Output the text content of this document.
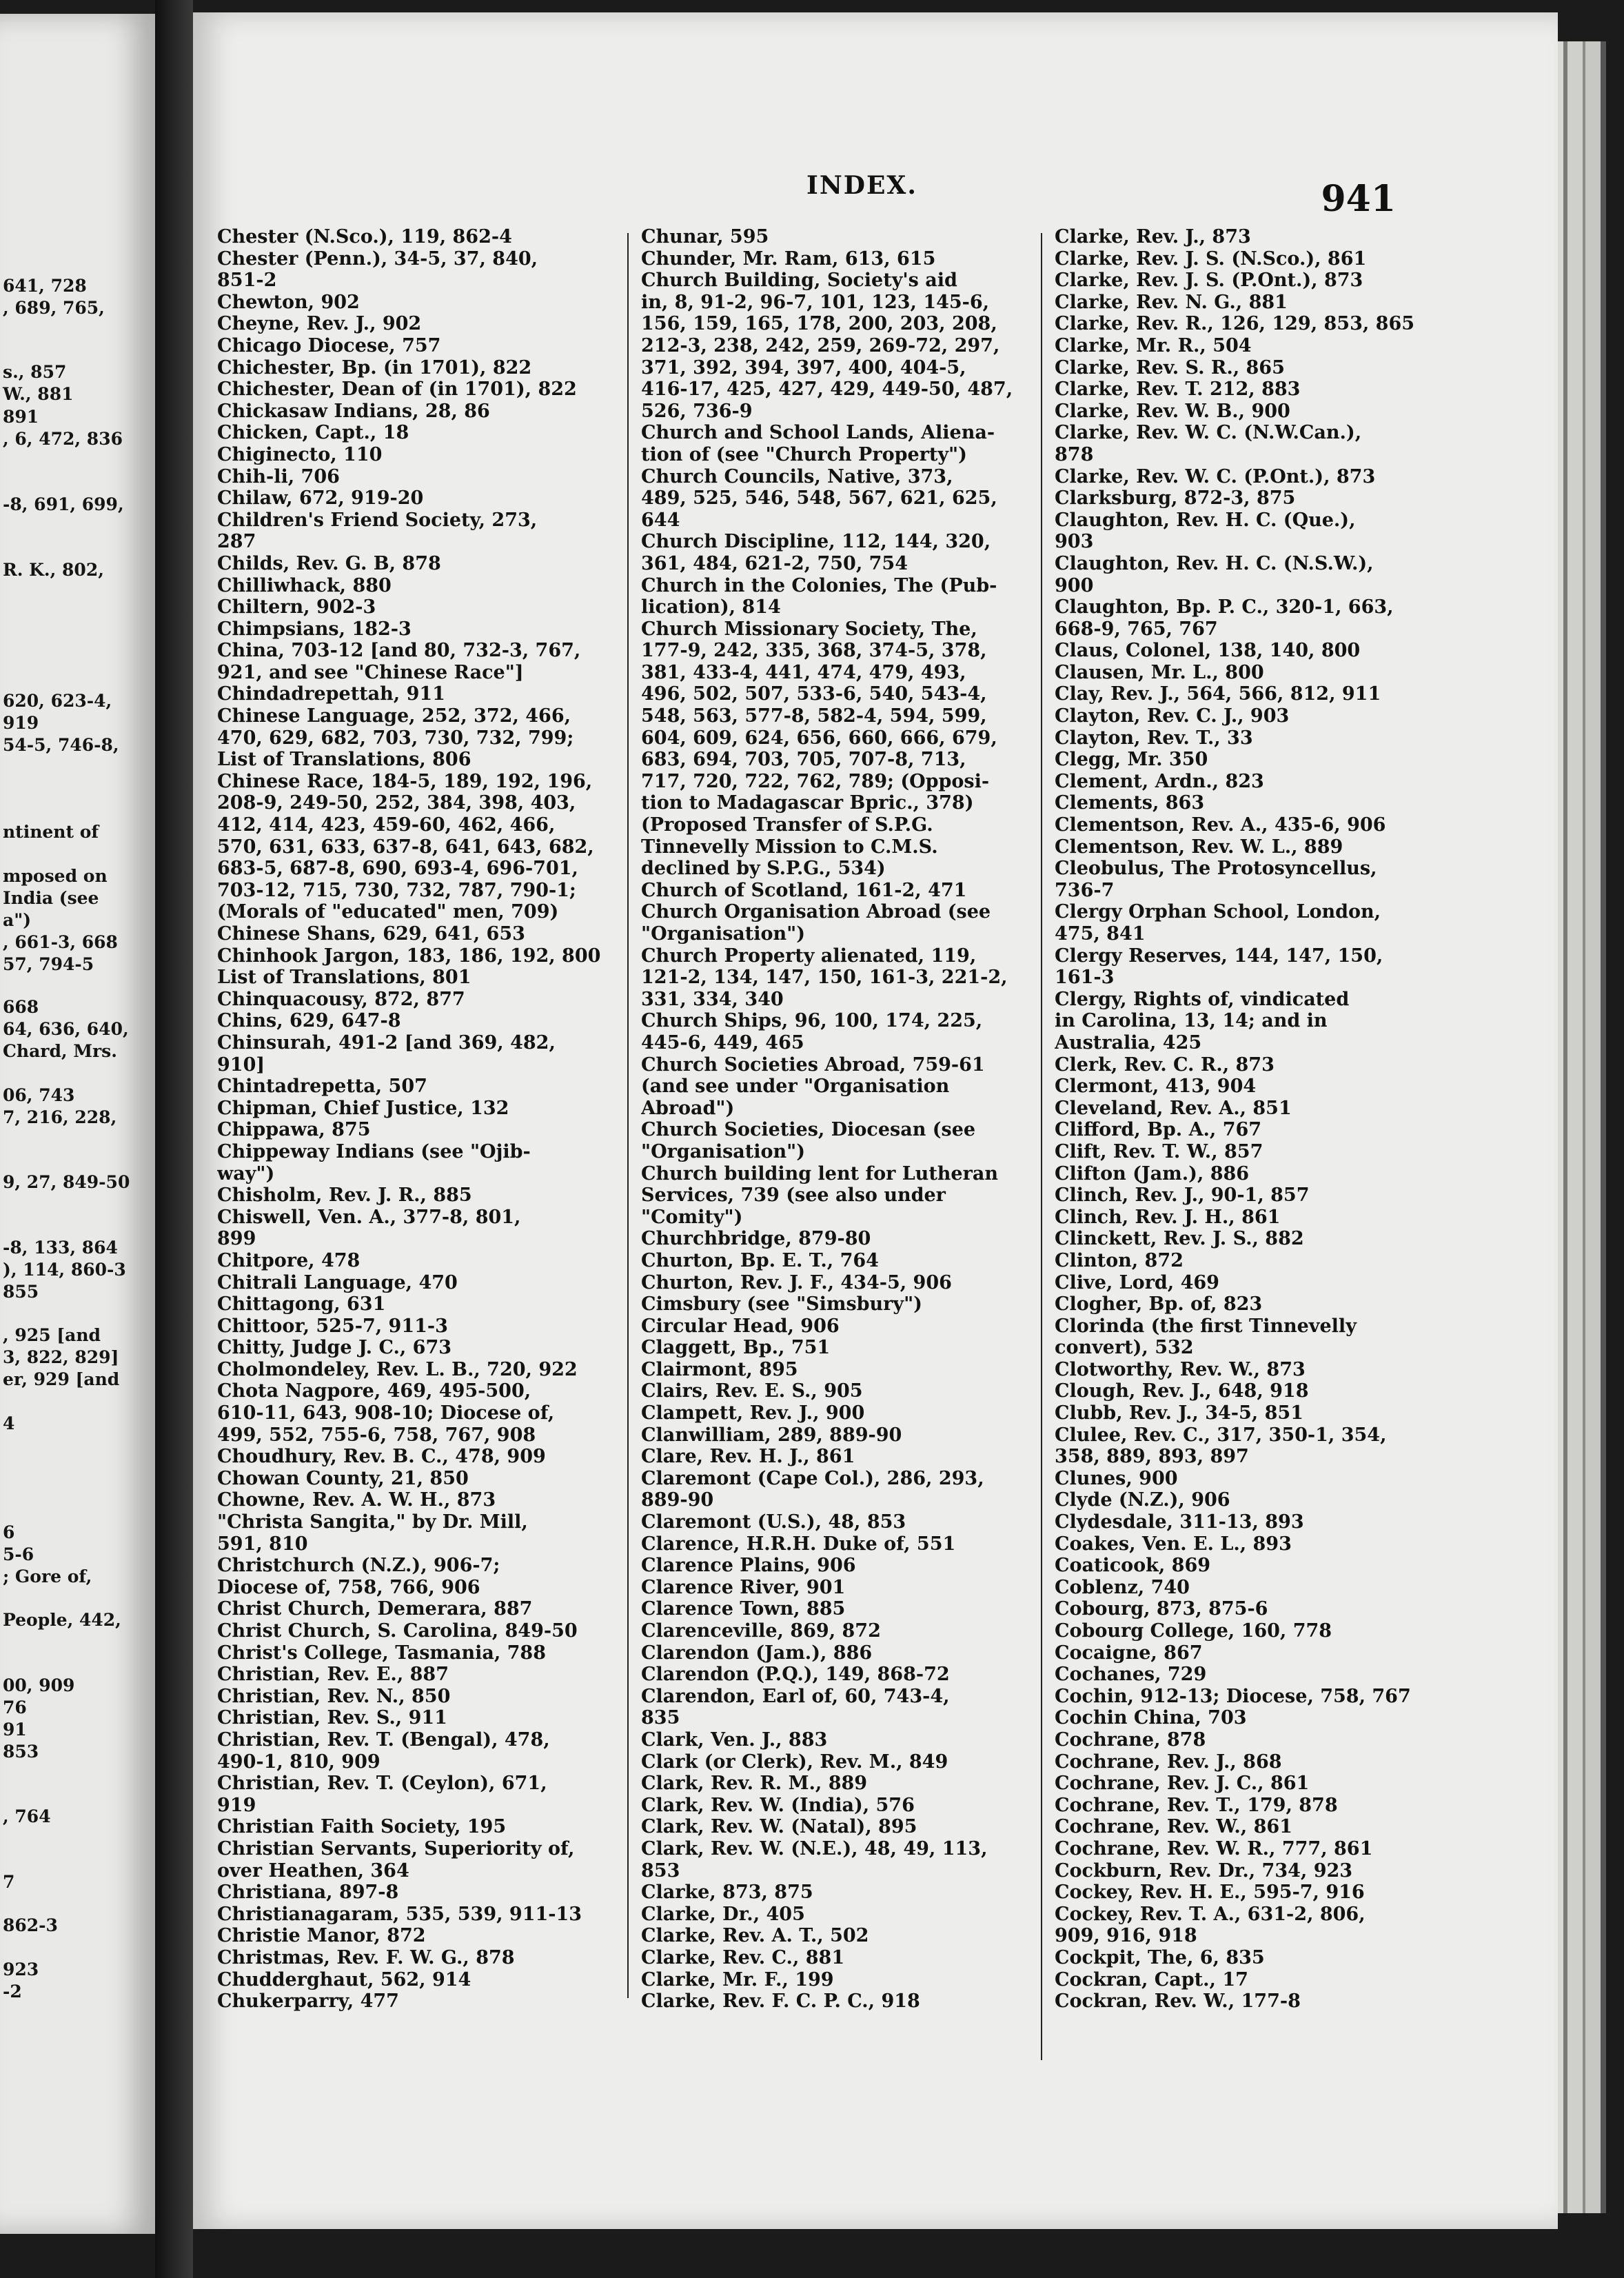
641, 728
, 689, 765,
s., 857
W., 881
891
, 6, 472, 836
-8, 691, 699,
R. K., 802,
620, 623-4,
919
54-5, 746-8,
ntinent of
mposed on
India (see
a")
, 661-3, 668
57, 794-5
668
64, 636, 640,
Chard, Mrs.
06, 743
7, 216, 228,
9, 27, 849-50
-8, 133, 864
), 114, 860-3
855
, 925 [and
3, 822, 829]
er, 929 [and
4
6
5-6
; Gore of,
People, 442,
00, 909
76
91
853
, 764
7
862-3
923
-2
INDEX.	941
Chester (N.Sco.), 119, 862-4
Chester (Penn.), 34-5, 37, 840,
851-2
Chewton, 902
Cheyne, Rev. J., 902
Chicago Diocese, 757
Chichester, Bp. (in 1701), 822
Chichester, Dean of (in 1701), 822
Chickasaw Indians, 28, 86
Chicken, Capt., 18
Chiginecto, 110
Chih-li, 706
Chilaw, 672, 919-20
Children's Friend Society, 273,
287
Childs, Rev. G. B, 878
Chilliwhack, 880
Chiltern, 902-3
Chimpsians, 182-3
China, 703-12 [and 80, 732-3, 767,
921, and see "Chinese Race"]
Chindadrepettah, 911
Chinese Language, 252, 372, 466,
470, 629, 682, 703, 730, 732, 799;
List of Translations, 806
Chinese Race, 184-5, 189, 192, 196,
208-9, 249-50, 252, 384, 398, 403,
412, 414, 423, 459-60, 462, 466,
570, 631, 633, 637-8, 641, 643, 682,
683-5, 687-8, 690, 693-4, 696-701,
703-12, 715, 730, 732, 787, 790-1;
(Morals of "educated" men, 709)
Chinese Shans, 629, 641, 653
Chinhook Jargon, 183, 186, 192, 800
List of Translations, 801
Chinquacousy, 872, 877
Chins, 629, 647-8
Chinsurah, 491-2 [and 369, 482,
910]
Chintadrepetta, 507
Chipman, Chief Justice, 132
Chippawa, 875
Chippeway Indians (see "Ojib-
way")
Chisholm, Rev. J. R., 885
Chiswell, Ven. A., 377-8, 801,
899
Chitpore, 478
Chitrali Language, 470
Chittagong, 631
Chittoor, 525-7, 911-3
Chitty, Judge J. C., 673
Cholmondeley, Rev. L. B., 720, 922
Chota Nagpore, 469, 495-500,
610-11, 643, 908-10; Diocese of,
499, 552, 755-6, 758, 767, 908
Choudhury, Rev. B. C., 478, 909
Chowan County, 21, 850
Chowne, Rev. A. W. H., 873
"Christa Sangita," by Dr. Mill,
591, 810
Christchurch (N.Z.), 906-7;
Diocese of, 758, 766, 906
Christ Church, Demerara, 887
Christ Church, S. Carolina, 849-50
Christ's College, Tasmania, 788
Christian, Rev. E., 887
Christian, Rev. N., 850
Christian, Rev. S., 911
Christian, Rev. T. (Bengal), 478,
490-1, 810, 909
Christian, Rev. T. (Ceylon), 671,
919
Christian Faith Society, 195
Christian Servants, Superiority of,
over Heathen, 364
Christiana, 897-8
Christianagaram, 535, 539, 911-13
Christie Manor, 872
Christmas, Rev. F. W. G., 878
Chudderghaut, 562, 914
Chukerparry, 477
Chunar, 595
Chunder, Mr. Ram, 613, 615
Church Building, Society's aid
in, 8, 91-2, 96-7, 101, 123, 145-6,
156, 159, 165, 178, 200, 203, 208,
212-3, 238, 242, 259, 269-72, 297,
371, 392, 394, 397, 400, 404-5,
416-17, 425, 427, 429, 449-50, 487,
526, 736-9
Church and School Lands, Aliena-
tion of (see "Church Property")
Church Councils, Native, 373,
489, 525, 546, 548, 567, 621, 625,
644
Church Discipline, 112, 144, 320,
361, 484, 621-2, 750, 754
Church in the Colonies, The (Pub-
lication), 814
Church Missionary Society, The,
177-9, 242, 335, 368, 374-5, 378,
381, 433-4, 441, 474, 479, 493,
496, 502, 507, 533-6, 540, 543-4,
548, 563, 577-8, 582-4, 594, 599,
604, 609, 624, 656, 660, 666, 679,
683, 694, 703, 705, 707-8, 713,
717, 720, 722, 762, 789; (Opposi-
tion to Madagascar Bpric., 378)
(Proposed Transfer of S.P.G.
Tinnevelly Mission to C.M.S.
declined by S.P.G., 534)
Church of Scotland, 161-2, 471
Church Organisation Abroad (see
"Organisation")
Church Property alienated, 119,
121-2, 134, 147, 150, 161-3, 221-2,
331, 334, 340
Church Ships, 96, 100, 174, 225,
445-6, 449, 465
Church Societies Abroad, 759-61
(and see under "Organisation
Abroad")
Church Societies, Diocesan (see
"Organisation")
Church building lent for Lutheran
Services, 739 (see also under
"Comity")
Churchbridge, 879-80
Churton, Bp. E. T., 764
Churton, Rev. J. F., 434-5, 906
Cimsbury (see "Simsbury")
Circular Head, 906
Claggett, Bp., 751
Clairmont, 895
Clairs, Rev. E. S., 905
Clampett, Rev. J., 900
Clanwilliam, 289, 889-90
Clare, Rev. H. J., 861
Claremont (Cape Col.), 286, 293,
889-90
Claremont (U.S.), 48, 853
Clarence, H.R.H. Duke of, 551
Clarence Plains, 906
Clarence River, 901
Clarence Town, 885
Clarenceville, 869, 872
Clarendon (Jam.), 886
Clarendon (P.Q.), 149, 868-72
Clarendon, Earl of, 60, 743-4,
835
Clark, Ven. J., 883
Clark (or Clerk), Rev. M., 849
Clark, Rev. R. M., 889
Clark, Rev. W. (India), 576
Clark, Rev. W. (Natal), 895
Clark, Rev. W. (N.E.), 48, 49, 113,
853
Clarke, 873, 875
Clarke, Dr., 405
Clarke, Rev. A. T., 502
Clarke, Rev. C., 881
Clarke, Mr. F., 199
Clarke, Rev. F. C. P. C., 918
Clarke, Rev. J., 873
Clarke, Rev. J. S. (N.Sco.), 861
Clarke, Rev. J. S. (P.Ont.), 873
Clarke, Rev. N. G., 881
Clarke, Rev. R., 126, 129, 853, 865
Clarke, Mr. R., 504
Clarke, Rev. S. R., 865
Clarke, Rev. T. 212, 883
Clarke, Rev. W. B., 900
Clarke, Rev. W. C. (N.W.Can.),
878
Clarke, Rev. W. C. (P.Ont.), 873
Clarksburg, 872-3, 875
Claughton, Rev. H. C. (Que.),
903
Claughton, Rev. H. C. (N.S.W.),
900
Claughton, Bp. P. C., 320-1, 663,
668-9, 765, 767
Claus, Colonel, 138, 140, 800
Clausen, Mr. L., 800
Clay, Rev. J., 564, 566, 812, 911
Clayton, Rev. C. J., 903
Clayton, Rev. T., 33
Clegg, Mr. 350
Clement, Ardn., 823
Clements, 863
Clementson, Rev. A., 435-6, 906
Clementson, Rev. W. L., 889
Cleobulus, The Protosyncellus,
736-7
Clergy Orphan School, London,
475, 841
Clergy Reserves, 144, 147, 150,
161-3
Clergy, Rights of, vindicated
in Carolina, 13, 14; and in
Australia, 425
Clerk, Rev. C. R., 873
Clermont, 413, 904
Cleveland, Rev. A., 851
Clifford, Bp. A., 767
Clift, Rev. T. W., 857
Clifton (Jam.), 886
Clinch, Rev. J., 90-1, 857
Clinch, Rev. J. H., 861
Clinckett, Rev. J. S., 882
Clinton, 872
Clive, Lord, 469
Clogher, Bp. of, 823
Clorinda (the first Tinnevelly
convert), 532
Clotworthy, Rev. W., 873
Clough, Rev. J., 648, 918
Clubb, Rev. J., 34-5, 851
Clulee, Rev. C., 317, 350-1, 354,
358, 889, 893, 897
Clunes, 900
Clyde (N.Z.), 906
Clydesdale, 311-13, 893
Coakes, Ven. E. L., 893
Coaticook, 869
Coblenz, 740
Cobourg, 873, 875-6
Cobourg College, 160, 778
Cocaigne, 867
Cochanes, 729
Cochin, 912-13; Diocese, 758, 767
Cochin China, 703
Cochrane, 878
Cochrane, Rev. J., 868
Cochrane, Rev. J. C., 861
Cochrane, Rev. T., 179, 878
Cochrane, Rev. W., 861
Cochrane, Rev. W. R., 777, 861
Cockburn, Rev. Dr., 734, 923
Cockey, Rev. H. E., 595-7, 916
Cockey, Rev. T. A., 631-2, 806,
909, 916, 918
Cockpit, The, 6, 835
Cockran, Capt., 17
Cockran, Rev. W., 177-8
